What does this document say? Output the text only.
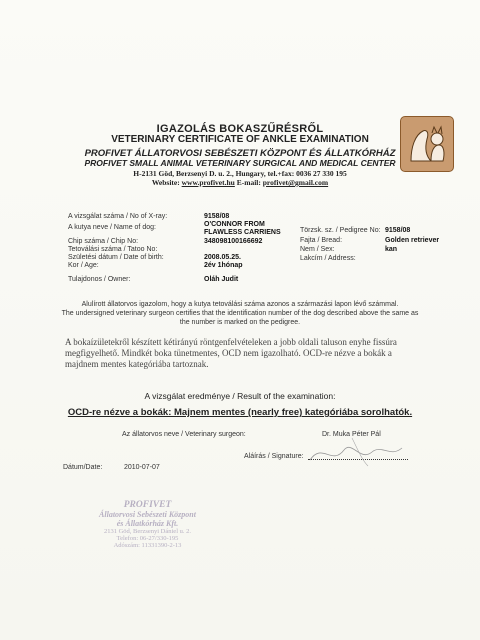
IGAZOLÁS BOKASZŰRÉSRŐL
VETERINARY CERTIFICATE OF ANKLE EXAMINATION
PROFIVET ÁLLATORVOSI SEBÉSZETI KÖZPONT ÉS ÁLLATKÓRHÁZ
PROFIVET SMALL ANIMAL VETERINARY SURGICAL AND MEDICAL CENTER
H-2131 Göd, Berzsenyi D. u. 2., Hungary, tel.+fax: 0036 27 330 195
Website: www.profivet.hu E-mail: profivet@gmail.com
A vizsgálat száma / No of X-ray:	9158/08
A kutya neve / Name of dog:	O'CONNOR FROM
FLAWLESS CARRIENS
Chip száma / Chip No:	348098100166692
Tetoválási száma / Tatoo No:
Születési dátum / Date of birth:	2008.05.25.
Kor / Age:	2év 1hónap
Tulajdonos / Owner:	Oláh Judit
Törzsk. sz. / Pedigree No: 9158/08
Fajta / Bread:	Golden retriever
Nem / Sex:	kan
Lakcím / Address:
Alulírott állatorvos igazolom, hogy a kutya tetoválási száma azonos a származási lapon lévő számmal.
The undersigned veterinary surgeon certifies that the identification number of the dog described above the same as the number is marked on the pedigree.
A bokaízületekről készített kétirányú röntgenfelvételeken a jobb oldali taluson enyhe fissúra megfigyelhető. Mindkét boka tünetmentes, OCD nem igazolható. OCD-re nézve a bokák a majdnem mentes kategóriába tartoznak.
A vizsgálat eredménye / Result of the examination:
OCD-re nézve a bokák: Majnem mentes (nearly free) kategóriába sorolhatók.
Az állatorvos neve / Veterinary surgeon:	Dr. Muka Péter Pál
Dátum/Date:	2010-07-07
Aláírás / Signature:
PROFIVET
Állatorvosi Sebészeti Központ
és Állatkórház Kft.
2131 Göd, Berzsenyi Dániel u. 2.
Telefon: 06-27/330-195
Adószám: 11331390-2-13
